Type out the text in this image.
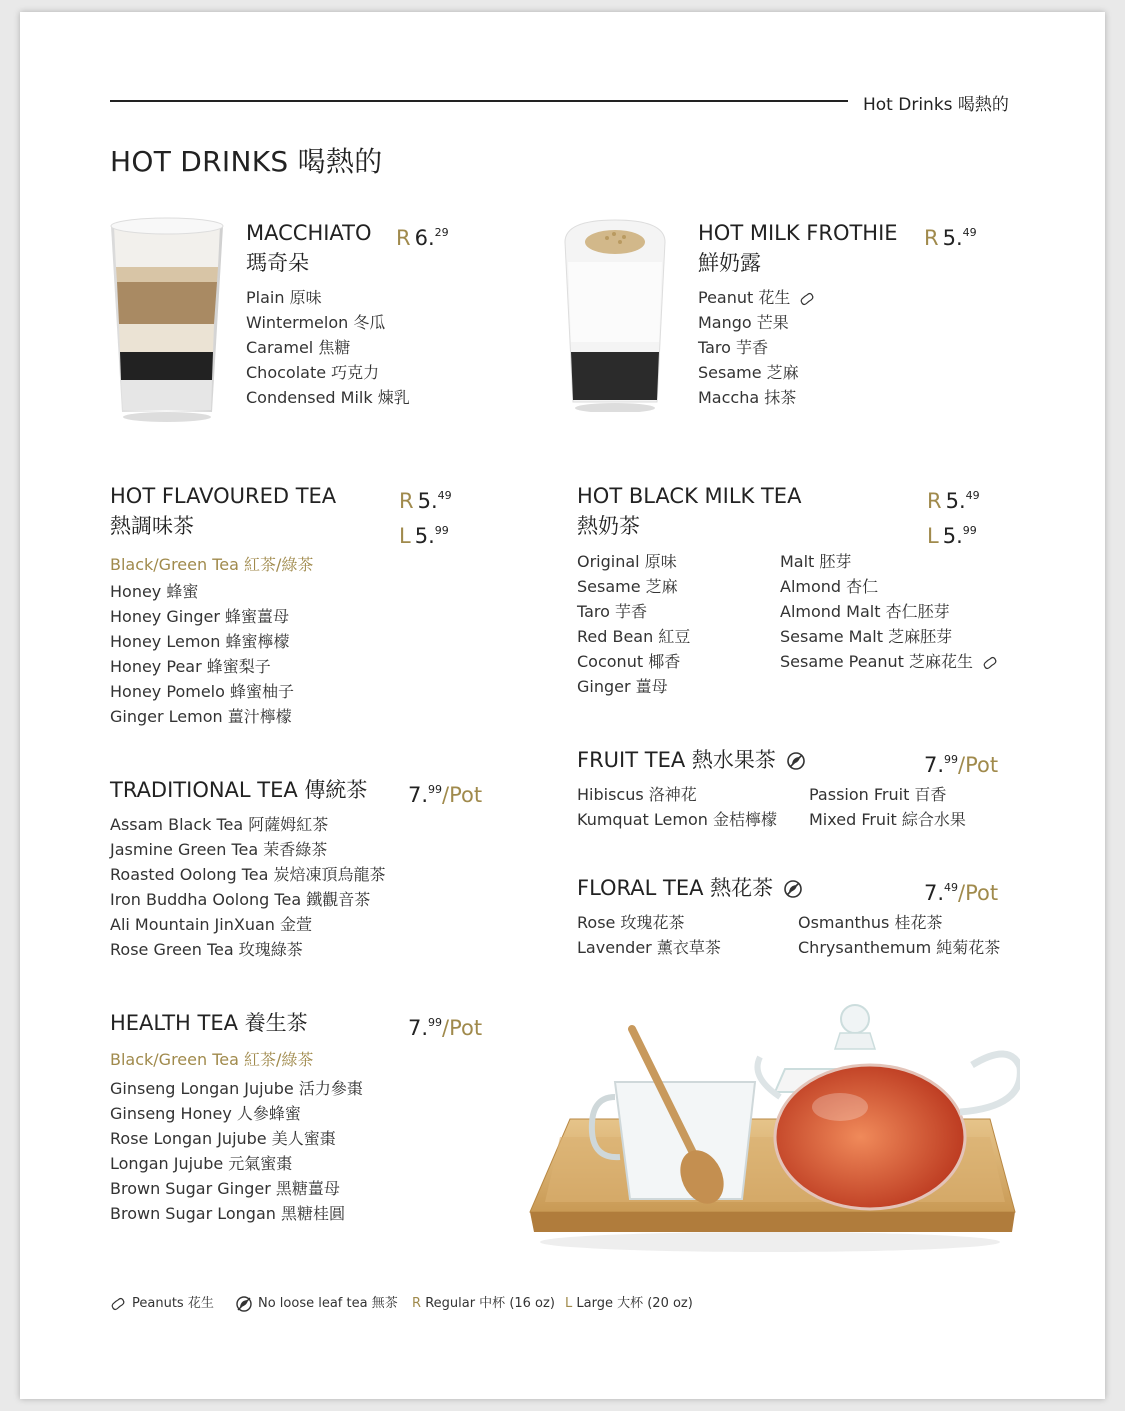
Hot Drinks 喝熱的
HOT DRINKS 喝熱的
MACCHIATO
瑪奇朵
R 6.29
Plain 原味
Wintermelon 冬瓜
Caramel 焦糖
Chocolate 巧克力
Condensed Milk 煉乳
HOT MILK FROTHIE
鮮奶露
R 5.49
Peanut 花生
Mango 芒果
Taro 芋香
Sesame 芝麻
Maccha 抹茶
HOT FLAVOURED TEA
熱調味茶
R 5.49
L 5.99
Black/Green Tea 紅茶/綠茶
Honey 蜂蜜
Honey Ginger 蜂蜜薑母
Honey Lemon 蜂蜜檸檬
Honey Pear 蜂蜜梨子
Honey Pomelo 蜂蜜柚子
Ginger Lemon 薑汁檸檬
HOT BLACK MILK TEA
熱奶茶
R 5.49
L 5.99
Original 原味
Sesame 芝麻
Taro 芋香
Red Bean 紅豆
Coconut 椰香
Ginger 薑母
Malt 胚芽
Almond 杏仁
Almond Malt 杏仁胚芽
Sesame Malt 芝麻胚芽
Sesame Peanut 芝麻花生
TRADITIONAL TEA 傳統茶 7.99/Pot
Assam Black Tea 阿薩姆紅茶
Jasmine Green Tea 茉香綠茶
Roasted Oolong Tea 炭焙凍頂烏龍茶
Iron Buddha Oolong Tea 鐵觀音茶
Ali Mountain JinXuan 金萱
Rose Green Tea 玫瑰綠茶
FRUIT TEA 熱水果茶	7.99/Pot
Hibiscus 洛神花
Kumquat Lemon 金桔檸檬
Passion Fruit 百香
Mixed Fruit 綜合水果
FLORAL TEA 熱花茶	7.49/Pot
Rose 玫瑰花茶
Lavender 薰衣草茶
Osmanthus 桂花茶
Chrysanthemum 純菊花茶
HEALTH TEA 養生茶	7.99/Pot
Black/Green Tea 紅茶/綠茶
Ginseng Longan Jujube 活力參棗
Ginseng Honey 人參蜂蜜
Rose Longan Jujube 美人蜜棗
Longan Jujube 元氣蜜棗
Brown Sugar Ginger 黑糖薑母
Brown Sugar Longan 黑糖桂圓
Peanuts 花生	No loose leaf tea 無茶 R Regular 中杯 (16 oz) L Large 大杯 (20 oz)
